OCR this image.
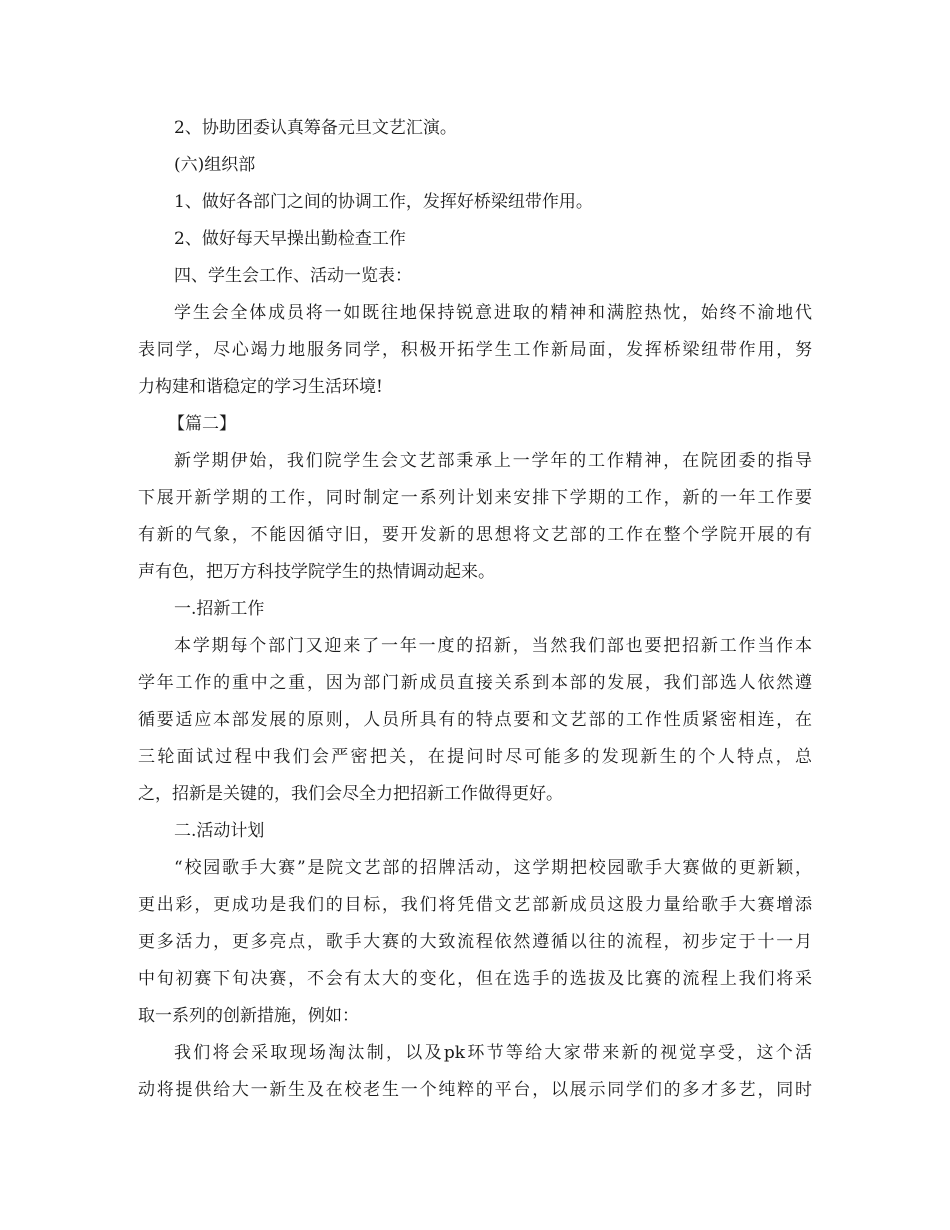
2、协助团委认真筹备元旦文艺汇演。
(六)组织部
1、做好各部门之间的协调工作，发挥好桥梁纽带作用。
2、做好每天早操出勤检查工作
四、学生会工作、活动一览表：
学生会全体成员将一如既往地保持锐意进取的精神和满腔热忱，始终不渝地代
表同学，尽心竭力地服务同学，积极开拓学生工作新局面，发挥桥梁纽带作用，努
力构建和谐稳定的学习生活环境!
【篇二】
新学期伊始，我们院学生会文艺部秉承上一学年的工作精神，在院团委的指导
下展开新学期的工作，同时制定一系列计划来安排下学期的工作，新的一年工作要
有新的气象，不能因循守旧，要开发新的思想将文艺部的工作在整个学院开展的有
声有色，把万方科技学院学生的热情调动起来。
一.招新工作
本学期每个部门又迎来了一年一度的招新，当然我们部也要把招新工作当作本
学年工作的重中之重，因为部门新成员直接关系到本部的发展，我们部选人依然遵
循要适应本部发展的原则，人员所具有的特点要和文艺部的工作性质紧密相连，在
三轮面试过程中我们会严密把关，在提问时尽可能多的发现新生的个人特点，总
之，招新是关键的，我们会尽全力把招新工作做得更好。
二.活动计划
“校园歌手大赛”是院文艺部的招牌活动，这学期把校园歌手大赛做的更新颖，
更出彩，更成功是我们的目标，我们将凭借文艺部新成员这股力量给歌手大赛增添
更多活力，更多亮点，歌手大赛的大致流程依然遵循以往的流程，初步定于十一月
中旬初赛下旬决赛，不会有太大的变化，但在选手的选拔及比赛的流程上我们将采
取一系列的创新措施，例如：
我们将会采取现场淘汰制，以及pk环节等给大家带来新的视觉享受，这个活
动将提供给大一新生及在校老生一个纯粹的平台，以展示同学们的多才多艺，同时
